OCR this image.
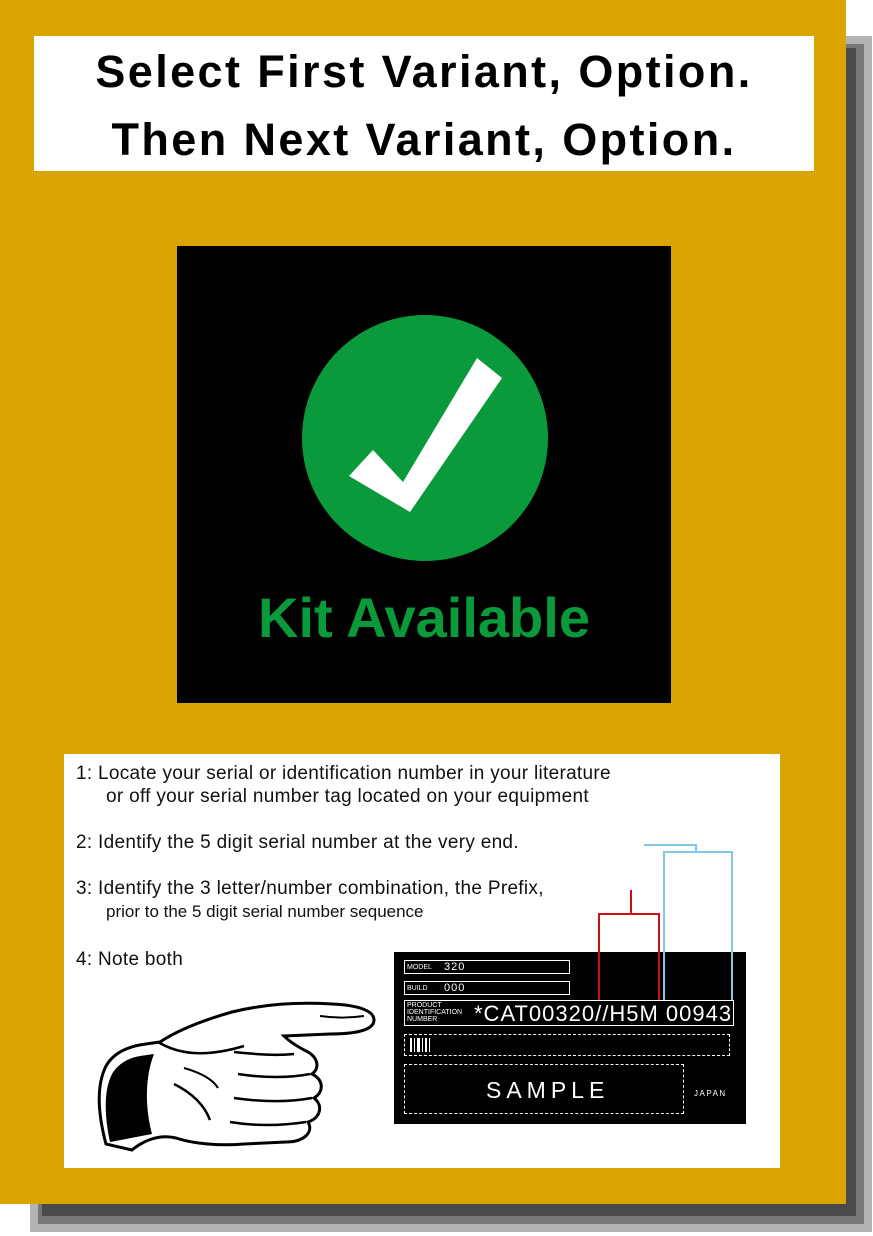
Select First Variant, Option.
Then Next Variant, Option.
Kit Available
1: Locate your serial or identification number in your literature
or off your serial number tag located on your equipment
2: Identify the 5 digit serial number at the very end.
3: Identify the 3 letter/number combination, the Prefix,
prior to the 5 digit serial number sequence
4: Note both	MODEL 320
BUILD 000
PRODUCT
IDENTIFICATION
NUMBER *CAT00320//H5M 00943
SAMPLE	JAPAN
